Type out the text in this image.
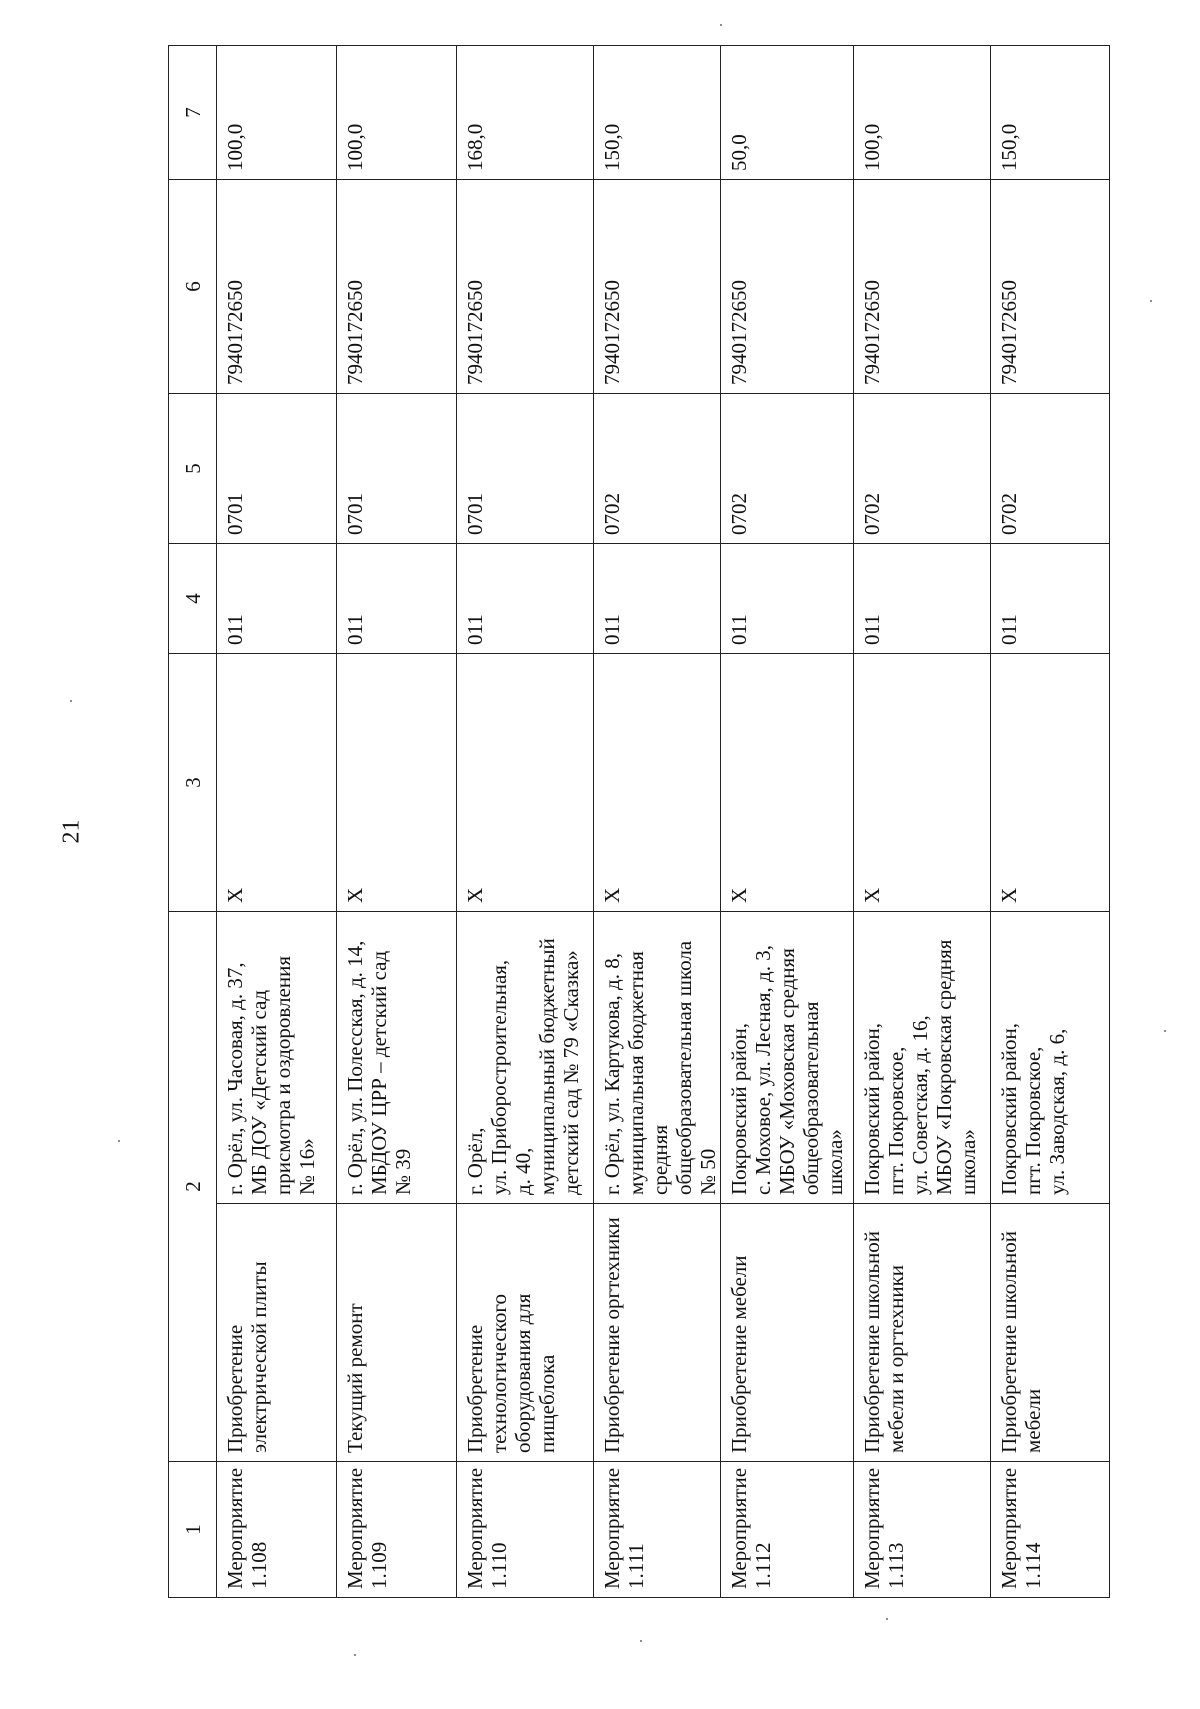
21
1	2		3	4	5	6	7
Мероприятие
1.108	Приобретение
электрической плиты	г. Орёл, ул. Часовая, д. 37,
МБ ДОУ «Детский сад
присмотра и оздоровления
№ 16»	Х	011	0701	7940172650	100,0
Мероприятие
1.109	Текущий ремонт	г. Орёл, ул. Полесская, д. 14,
МБДОУ ЦРР – детский сад
№ 39	Х	011	0701	7940172650	100,0
Мероприятие
1.110	Приобретение
технологического
оборудования для
пищеблока	г. Орёл,
ул. Приборостроительная,
д. 40,
муниципальный бюджетный
детский сад № 79 «Сказка»	Х	011	0701	7940172650	168,0
Мероприятие
1.111	Приобретение оргтехники	г. Орёл, ул. Картукова, д. 8,
муниципальная бюджетная
средняя
общеобразовательная школа
№ 50	Х	011	0702	7940172650	150,0
Мероприятие
1.112	Приобретение мебели	Покровский район,
с. Моховое, ул. Лесная, д. 3,
МБОУ «Моховская средняя
общеобразовательная
школа»	Х	011	0702	7940172650	50,0
Мероприятие
1.113	Приобретение школьной
мебели и оргтехники	Покровский район,
пгт. Покровское,
ул. Советская, д. 16,
МБОУ «Покровская средняя
школа»	Х	011	0702	7940172650	100,0
Мероприятие
1.114	Приобретение школьной
мебели	Покровский район,
пгт. Покровское,
ул. Заводская, д. 6,	Х	011	0702	7940172650	150,0
